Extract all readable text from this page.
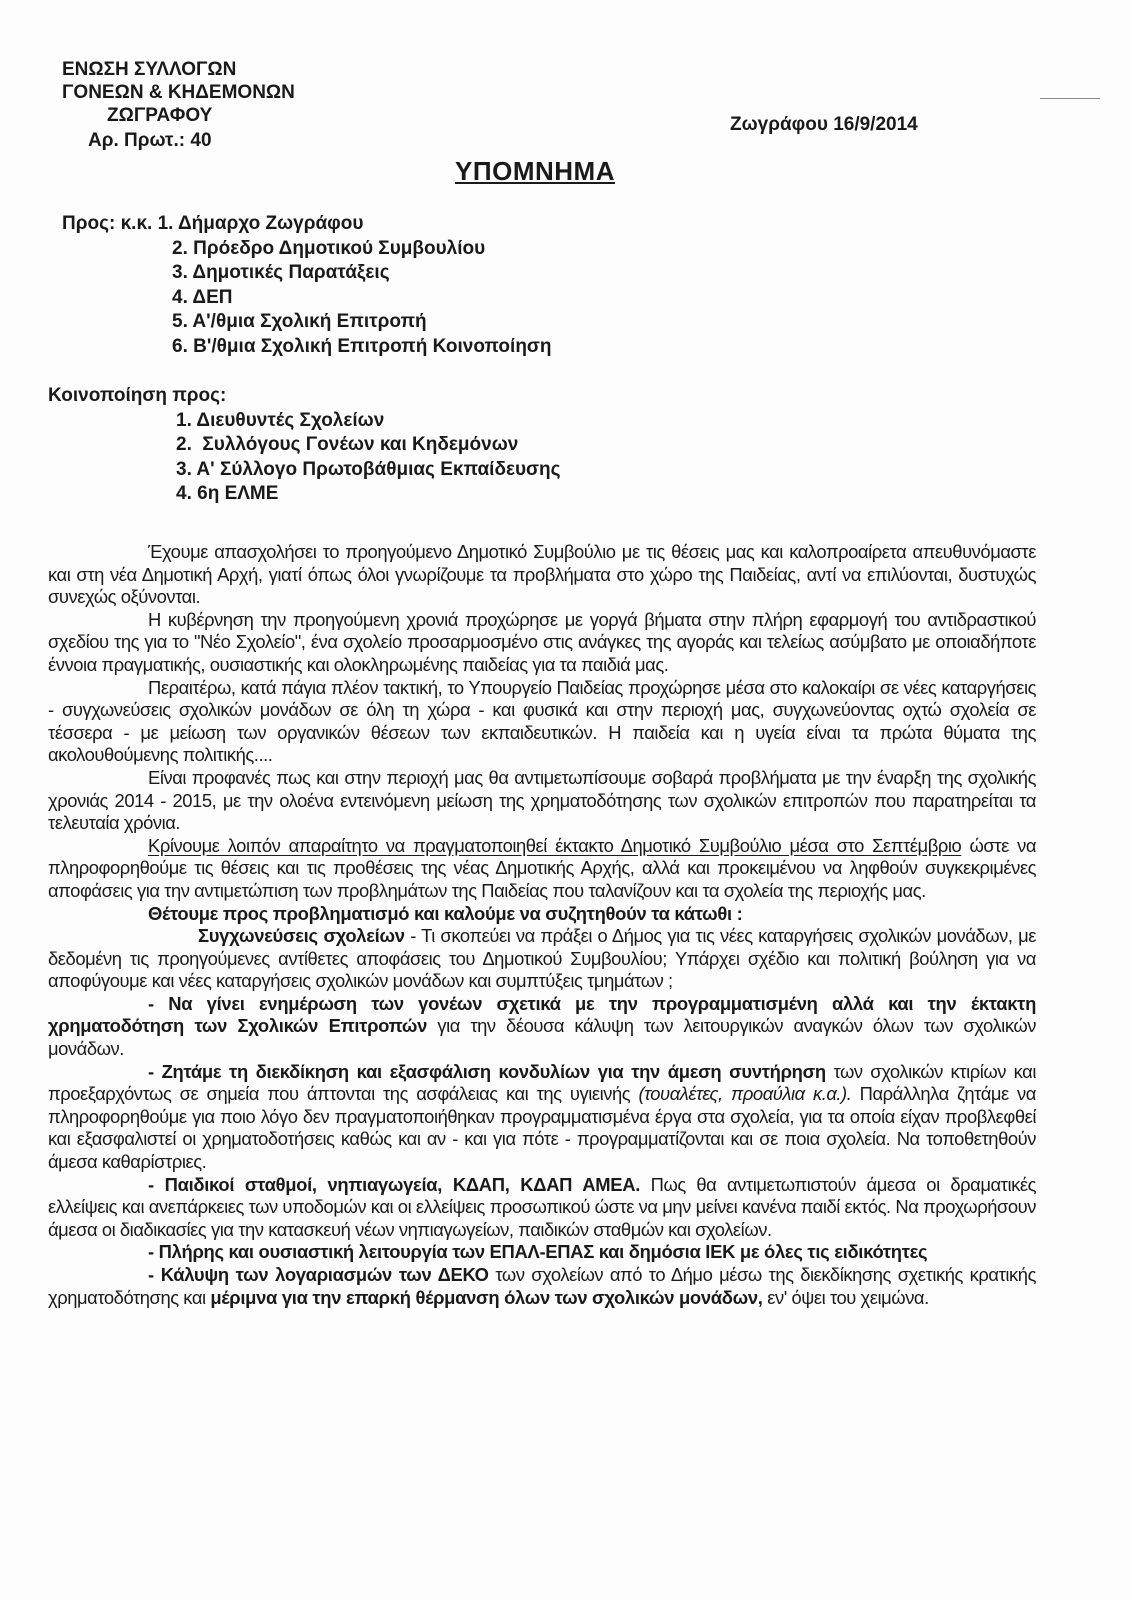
ΕΝΩΣΗ ΣΥΛΛΟΓΩΝ
ΓΟΝΕΩΝ & ΚΗΔΕΜΟΝΩΝ
ΖΩΓΡΑΦΟΥ
Αρ. Πρωτ.: 40
Ζωγράφου 16/9/2014
ΥΠΟΜΝΗΜΑ
Προς: κ.κ. 1. Δήμαρχο Ζωγράφου
2. Πρόεδρο Δημοτικού Συμβουλίου
3. Δημοτικές Παρατάξεις
4. ΔΕΠ
5. Α'/θμια Σχολική Επιτροπή
6. Β'/θμια Σχολική Επιτροπή Κοινοποίηση
Κοινοποίηση προς:
1. Διευθυντές Σχολείων
2.  Συλλόγους Γονέων και Κηδεμόνων
3. Α' Σύλλογο Πρωτοβάθμιας Εκπαίδευσης
4. 6η ΕΛΜΕ

Έχουμε απασχολήσει το προηγούμενο Δημοτικό Συμβούλιο με τις θέσεις μας και καλοπροαίρετα απευθυνόμαστε και στη νέα Δημοτική Αρχή, γιατί όπως όλοι γνωρίζουμε τα προβλήματα στο χώρο της Παιδείας, αντί να επιλύονται, δυστυχώς συνεχώς οξύνονται.

Η κυβέρνηση την προηγούμενη χρονιά προχώρησε με γοργά βήματα στην πλήρη εφαρμογή του αντιδραστικού σχεδίου της για το "Νέο Σχολείο", ένα σχολείο προσαρμοσμένο στις ανάγκες της αγοράς και τελείως ασύμβατο με οποιαδήποτε έννοια πραγματικής, ουσιαστικής και ολοκληρωμένης παιδείας για τα παιδιά μας.

Περαιτέρω, κατά πάγια πλέον τακτική, το Υπουργείο Παιδείας προχώρησε μέσα στο καλοκαίρι σε νέες καταργήσεις - συγχωνεύσεις σχολικών μονάδων σε όλη τη χώρα - και φυσικά και στην περιοχή μας, συγχωνεύοντας οχτώ σχολεία σε τέσσερα - με μείωση των οργανικών θέσεων των εκπαιδευτικών. Η παιδεία και η υγεία είναι τα πρώτα θύματα της ακολουθούμενης πολιτικής....

Είναι προφανές πως και στην περιοχή μας θα αντιμετωπίσουμε σοβαρά προβλήματα με την έναρξη της σχολικής χρονιάς 2014 - 2015, με την ολοένα εντεινόμενη μείωση της χρηματοδότησης των σχολικών επιτροπών που παρατηρείται τα τελευταία χρόνια.

Κρίνουμε λοιπόν απαραίτητο να πραγματοποιηθεί έκτακτο Δημοτικό Συμβούλιο μέσα στο Σεπτέμβριο ώστε να πληροφορηθούμε τις θέσεις και τις προθέσεις της νέας Δημοτικής Αρχής, αλλά και προκειμένου να ληφθούν συγκεκριμένες αποφάσεις για την αντιμετώπιση των προβλημάτων της Παιδείας που ταλανίζουν και τα σχολεία της περιοχής μας.

Θέτουμε προς προβληματισμό και καλούμε να συζητηθούν τα κάτωθι :

Συγχωνεύσεις σχολείων - Τι σκοπεύει να πράξει ο Δήμος για τις νέες καταργήσεις σχολικών μονάδων, με δεδομένη τις προηγούμενες αντίθετες αποφάσεις του Δημοτικού Συμβουλίου; Υπάρχει σχέδιο και πολιτική βούληση για να αποφύγουμε και νέες καταργήσεις σχολικών μονάδων και συμπτύξεις τμημάτων ;

- Να γίνει ενημέρωση των γονέων σχετικά με την προγραμματισμένη αλλά και την έκτακτη χρηματοδότηση των Σχολικών Επιτροπών για την δέουσα κάλυψη των λειτουργικών αναγκών όλων των σχολικών μονάδων.

- Ζητάμε τη διεκδίκηση και εξασφάλιση κονδυλίων για την άμεση συντήρηση των σχολικών κτιρίων και προεξαρχόντως σε σημεία που άπτονται της ασφάλειας και της υγιεινής (τουαλέτες, προαύλια κ.α.). Παράλληλα ζητάμε να πληροφορηθούμε για ποιο λόγο δεν πραγματοποιήθηκαν προγραμματισμένα έργα στα σχολεία, για τα οποία είχαν προβλεφθεί και εξασφαλιστεί οι χρηματοδοτήσεις καθώς και αν - και για πότε - προγραμματίζονται και σε ποια σχολεία. Να τοποθετηθούν άμεσα καθαρίστριες.

- Παιδικοί σταθμοί, νηπιαγωγεία, ΚΔΑΠ, ΚΔΑΠ ΑΜΕΑ. Πως θα αντιμετωπιστούν άμεσα οι δραματικές ελλείψεις και ανεπάρκειες των υποδομών και οι ελλείψεις προσωπικού ώστε να μην μείνει κανένα παιδί εκτός. Να προχωρήσουν άμεσα οι διαδικασίες για την κατασκευή νέων νηπιαγωγείων, παιδικών σταθμών και σχολείων.

- Πλήρης και ουσιαστική λειτουργία των ΕΠΑΛ-ΕΠΑΣ και δημόσια ΙΕΚ με όλες τις ειδικότητες

- Κάλυψη των λογαριασμών των ΔΕΚΟ των σχολείων από το Δήμο μέσω της διεκδίκησης σχετικής κρατικής χρηματοδότησης και μέριμνα για την επαρκή θέρμανση όλων των σχολικών μονάδων, εν' όψει του χειμώνα.
